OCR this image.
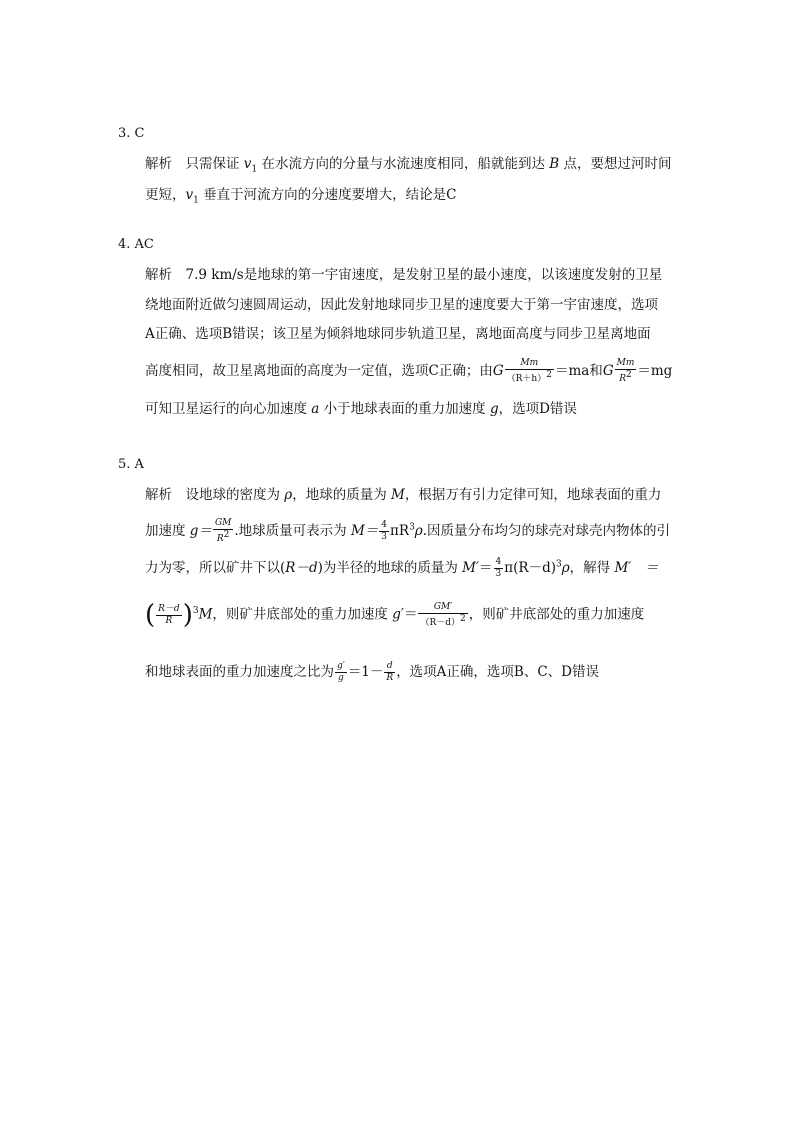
3. C
解析　只需保证 $v_1$ 在水流方向的分量与水流速度相同，船就能到达 B 点，要想过河时间
更短，$v_1$ 垂直于河流方向的分速度要增大，结论是C
4. AC
解析　7.9 km/s是地球的第一宇宙速度，是发射卫星的最小速度，以该速度发射的卫星
绕地面附近做匀速圆周运动，因此发射地球同步卫星的速度要大于第一宇宙速度，选项
A正确、选项B错误；该卫星为倾斜地球同步轨道卫星，离地面高度与同步卫星离地面
高度相同，故卫星离地面的高度为一定值，选项C正确；由G $\frac{Mm}{(R+h)2} =ma$和G $\frac{Mm}{R2} =mg$
可知卫星运行的向心加速度 a 小于地球表面的重力加速度 g，选项D错误
5. A
解析　设地球的密度为 ρ，地球的质量为 M，根据万有引力定律可知，地球表面的重力
加速度 $g= \frac{GM}{R2}$ .地球质量可表示为 $M= \frac{4}{3} \pi R^3\rho$.因质量分布均匀的球壳对球壳内物体的引
力为零，所以矿井下以(R－d)为半径的地球的质量为 $M'= \frac{4}{3} \pi(R-d)^3\rho$，解得 M′　＝
( $\frac{R-d}{R} )^3M$，则矿井底部处的重力加速度 $g'= \frac{GM'}{(R-d)2}$ ，则矿井底部处的重力加速度
和地球表面的重力加速度之比为 $\frac{g'}{g} =1- \frac{d}{R}$ ，选项A正确，选项B、C、D错误
